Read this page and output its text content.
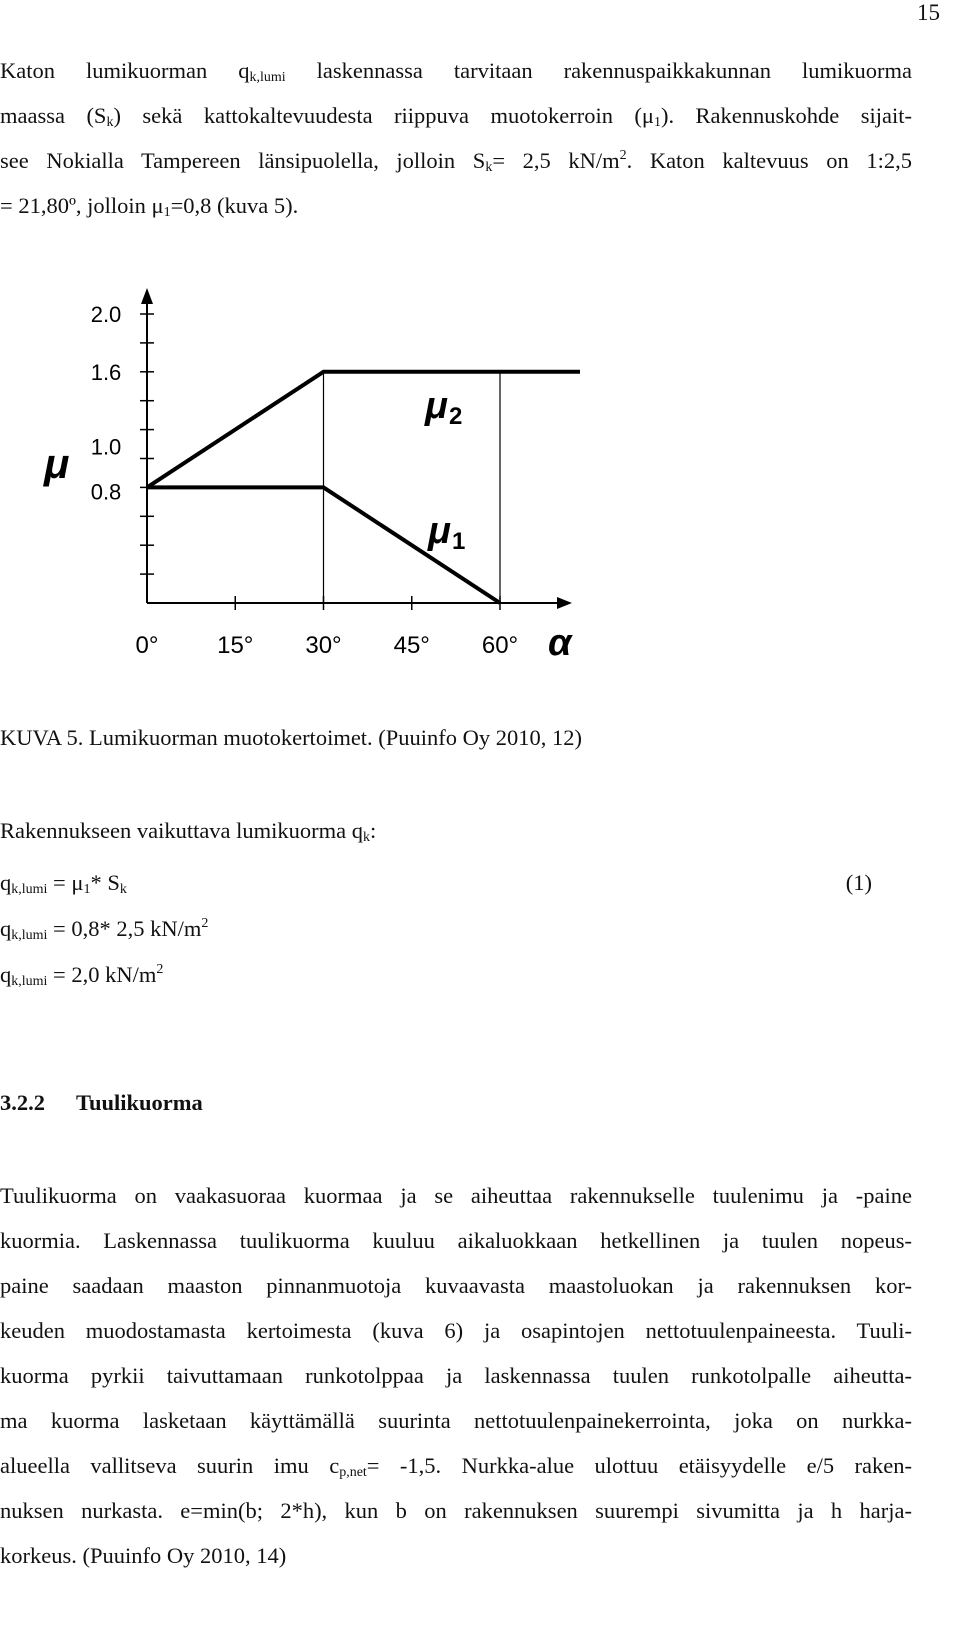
15

Katon lumikuorman $q_{k,lumi}$ laskennassa tarvitaan rakennuspaikkakunnan lumikuorma
maassa $(S_k)$ sekä kattokaltevuudesta riippuva muotokerroin $(\mu_1)$. Rakennuskohde sijait-
see Nokialla Tampereen länsipuolella, jolloin $S_k= 2,5$ $kN/m^2$. Katon kaltevuus on 1:2,5
= 21,80º, jolloin $\mu_1=0,8$ (kuva 5).

0° 15° 30° 45° 60°
2.0
1.6
1.0
0.8
μ
α
μ 2
μ 1
KUVA 5. Lumikuorman muotokertoimet. (Puuinfo Oy 2010, 12)
Rakennukseen vaikuttava lumikuorma $q_k$:
$q_{k,lumi} = \mu_1*$ $S_k$	(1)
$q_{k,lumi} = 0,8*$ 2,5 $kN/m^2$
$q_{k,lumi} = 2,0$ $kN/m^2$
3.2.2 Tuulikuorma

Tuulikuorma on vaakasuoraa kuormaa ja se aiheuttaa rakennukselle tuulenimu ja -paine
kuormia. Laskennassa tuulikuorma kuuluu aikaluokkaan hetkellinen ja tuulen nopeus-
paine saadaan maaston pinnanmuotoja kuvaavasta maastoluokan ja rakennuksen kor-
keuden muodostamasta kertoimesta (kuva 6) ja osapintojen nettotuulenpaineesta. Tuuli-
kuorma pyrkii taivuttamaan runkotolppaa ja laskennassa tuulen runkotolpalle aiheutta-
ma kuorma lasketaan käyttämällä suurinta nettotuulenpainekerrointa, joka on nurkka-
alueella vallitseva suurin imu $c_{p,net}= -1,5$. Nurkka-alue ulottuu etäisyydelle e/5 raken-
nuksen nurkasta. e=min(b; 2*h), kun b on rakennuksen suurempi sivumitta ja h harja-
korkeus. (Puuinfo Oy 2010, 14)
